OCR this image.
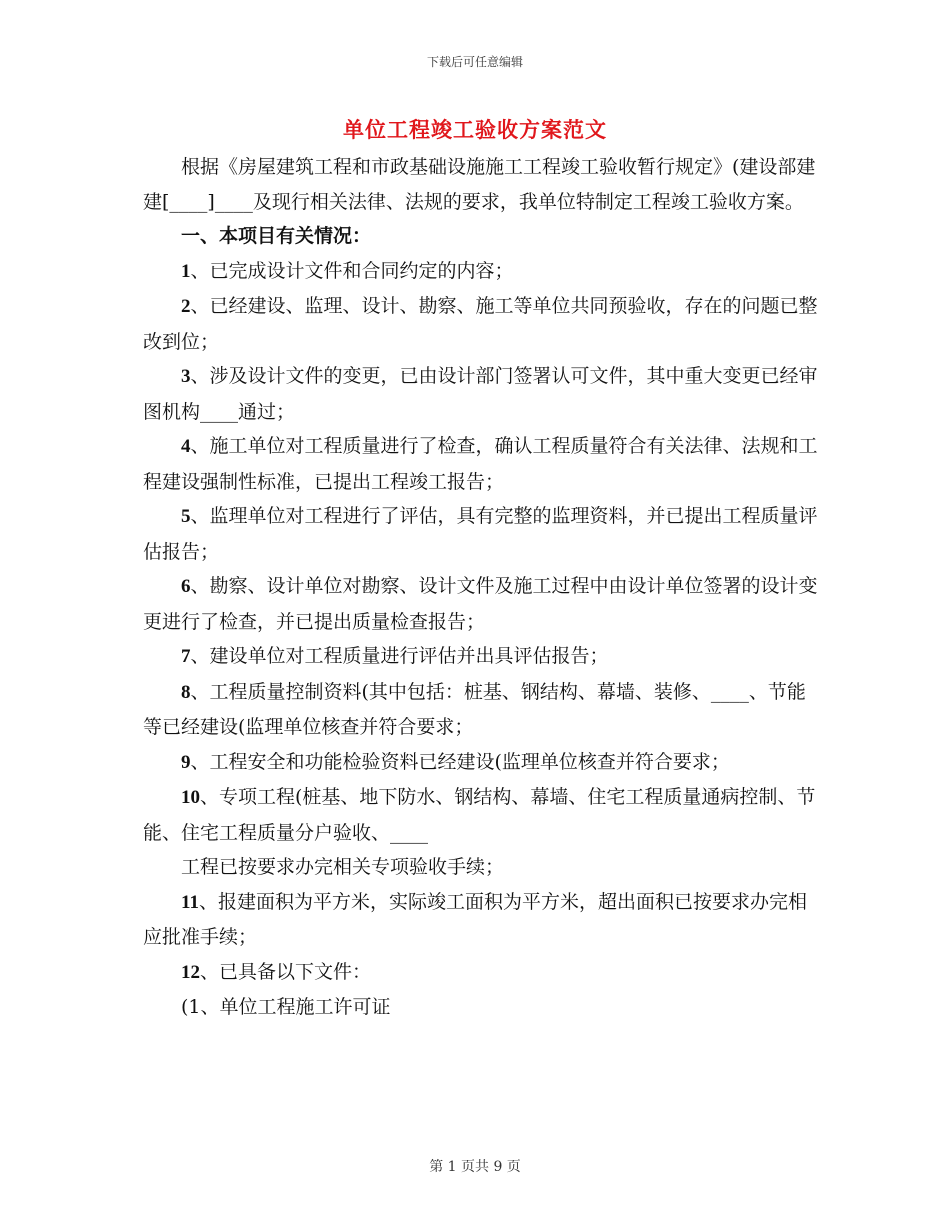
下载后可任意编辑
单位工程竣工验收方案范文

根据《房屋建筑工程和市政基础设施施工工程竣工验收暂行规定》(建设部建建[____]____及现行相关法律、法规的要求，我单位特制定工程竣工验收方案。

一、本项目有关情况：

1、已完成设计文件和合同约定的内容；

2、已经建设、监理、设计、勘察、施工等单位共同预验收，存在的问题已整改到位；

3、涉及设计文件的变更，已由设计部门签署认可文件，其中重大变更已经审图机构____通过；

4、施工单位对工程质量进行了检查，确认工程质量符合有关法律、法规和工程建设强制性标准，已提出工程竣工报告；

5、监理单位对工程进行了评估，具有完整的监理资料，并已提出工程质量评估报告；

6、勘察、设计单位对勘察、设计文件及施工过程中由设计单位签署的设计变更进行了检查，并已提出质量检查报告；

7、建设单位对工程质量进行评估并出具评估报告；

8、工程质量控制资料(其中包括：桩基、钢结构、幕墙、装修、____、节能等已经建设(监理单位核查并符合要求；

9、工程安全和功能检验资料已经建设(监理单位核查并符合要求；

10、专项工程(桩基、地下防水、钢结构、幕墙、住宅工程质量通病控制、节能、住宅工程质量分户验收、____

工程已按要求办完相关专项验收手续；

11、报建面积为平方米，实际竣工面积为平方米，超出面积已按要求办完相应批准手续；

12、已具备以下文件：

(1、单位工程施工许可证

第 1 页共 9 页
